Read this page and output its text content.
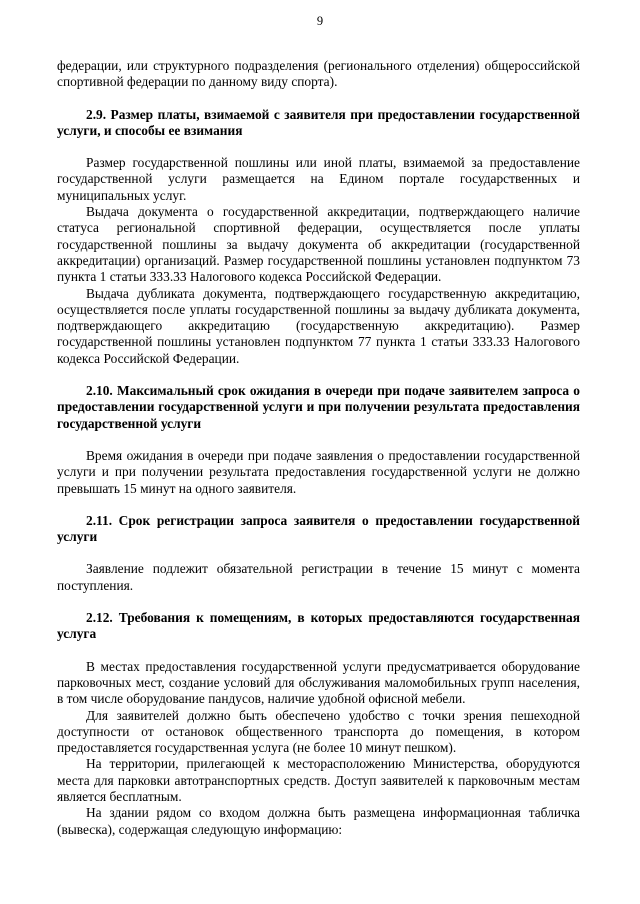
9

федерации, или структурного подразделения (регионального отделения) общероссийской спортивной федерации по данному виду спорта).

2.9. Размер платы, взимаемой с заявителя при предоставлении государственной услуги, и способы ее взимания

Размер государственной пошлины или иной платы, взимаемой за предоставление государственной услуги размещается на Едином портале государственных и муниципальных услуг.

Выдача документа о государственной аккредитации, подтверждающего наличие статуса региональной спортивной федерации, осуществляется после уплаты государственной пошлины за выдачу документа об аккредитации (государственной аккредитации) организаций. Размер государственной пошлины установлен подпунктом 73 пункта 1 статьи 333.33 Налогового кодекса Российской Федерации.

Выдача дубликата документа, подтверждающего государственную аккредитацию, осуществляется после уплаты государственной пошлины за выдачу дубликата документа, подтверждающего аккредитацию (государственную аккредитацию). Размер государственной пошлины установлен подпунктом 77 пункта 1 статьи 333.33 Налогового кодекса Российской Федерации.

2.10. Максимальный срок ожидания в очереди при подаче заявителем запроса о предоставлении государственной услуги и при получении результата предоставления государственной услуги

Время ожидания в очереди при подаче заявления о предоставлении государственной услуги и при получении результата предоставления государственной услуги не должно превышать 15 минут на одного заявителя.

2.11. Срок регистрации запроса заявителя о предоставлении государственной услуги

Заявление подлежит обязательной регистрации в течение 15 минут с момента поступления.

2.12. Требования к помещениям, в которых предоставляются государственная услуга

В местах предоставления государственной услуги предусматривается оборудование парковочных мест, создание условий для обслуживания маломобильных групп населения, в том числе оборудование пандусов, наличие удобной офисной мебели.

Для заявителей должно быть обеспечено удобство с точки зрения пешеходной доступности от остановок общественного транспорта до помещения, в котором предоставляется государственная услуга (не более 10 минут пешком).

На территории, прилегающей к месторасположению Министерства, оборудуются места для парковки автотранспортных средств. Доступ заявителей к парковочным местам является бесплатным.

На здании рядом со входом должна быть размещена информационная табличка (вывеска), содержащая следующую информацию:
